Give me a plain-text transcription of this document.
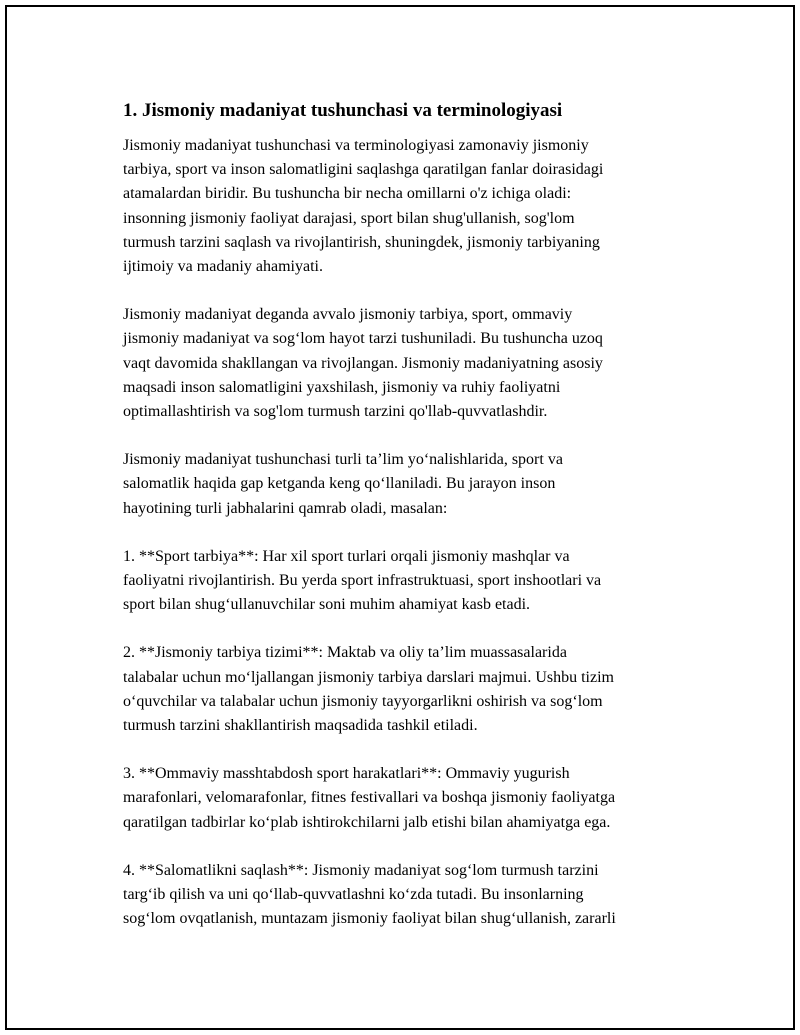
1. Jismoniy madaniyat tushunchasi va terminologiyasi

Jismoniy madaniyat tushunchasi va terminologiyasi zamonaviy jismoniy
tarbiya, sport va inson salomatligini saqlashga qaratilgan fanlar doirasidagi
atamalardan biridir. Bu tushuncha bir necha omillarni o'z ichiga oladi:
insonning jismoniy faoliyat darajasi, sport bilan shug'ullanish, sog'lom
turmush tarzini saqlash va rivojlantirish, shuningdek, jismoniy tarbiyaning
ijtimoiy va madaniy ahamiyati.

Jismoniy madaniyat deganda avvalo jismoniy tarbiya, sport, ommaviy
jismoniy madaniyat va sog‘lom hayot tarzi tushuniladi. Bu tushuncha uzoq
vaqt davomida shakllangan va rivojlangan. Jismoniy madaniyatning asosiy
maqsadi inson salomatligini yaxshilash, jismoniy va ruhiy faoliyatni
optimallashtirish va sog'lom turmush tarzini qo'llab-quvvatlashdir.

Jismoniy madaniyat tushunchasi turli ta’lim yo‘nalishlarida, sport va
salomatlik haqida gap ketganda keng qo‘llaniladi. Bu jarayon inson
hayotining turli jabhalarini qamrab oladi, masalan:

1. **Sport tarbiya**: Har xil sport turlari orqali jismoniy mashqlar va
faoliyatni rivojlantirish. Bu yerda sport infrastruktuasi, sport inshootlari va
sport bilan shug‘ullanuvchilar soni muhim ahamiyat kasb etadi.

2. **Jismoniy tarbiya tizimi**: Maktab va oliy ta’lim muassasalarida
talabalar uchun mo‘ljallangan jismoniy tarbiya darslari majmui. Ushbu tizim
o‘quvchilar va talabalar uchun jismoniy tayyorgarlikni oshirish va sog‘lom
turmush tarzini shakllantirish maqsadida tashkil etiladi.

3. **Ommaviy masshtabdosh sport harakatlari**: Ommaviy yugurish
marafonlari, velomarafonlar, fitnes festivallari va boshqa jismoniy faoliyatga
qaratilgan tadbirlar ko‘plab ishtirokchilarni jalb etishi bilan ahamiyatga ega.

4. **Salomatlikni saqlash**: Jismoniy madaniyat sog‘lom turmush tarzini
targ‘ib qilish va uni qo‘llab-quvvatlashni ko‘zda tutadi. Bu insonlarning
sog‘lom ovqatlanish, muntazam jismoniy faoliyat bilan shug‘ullanish, zararli
